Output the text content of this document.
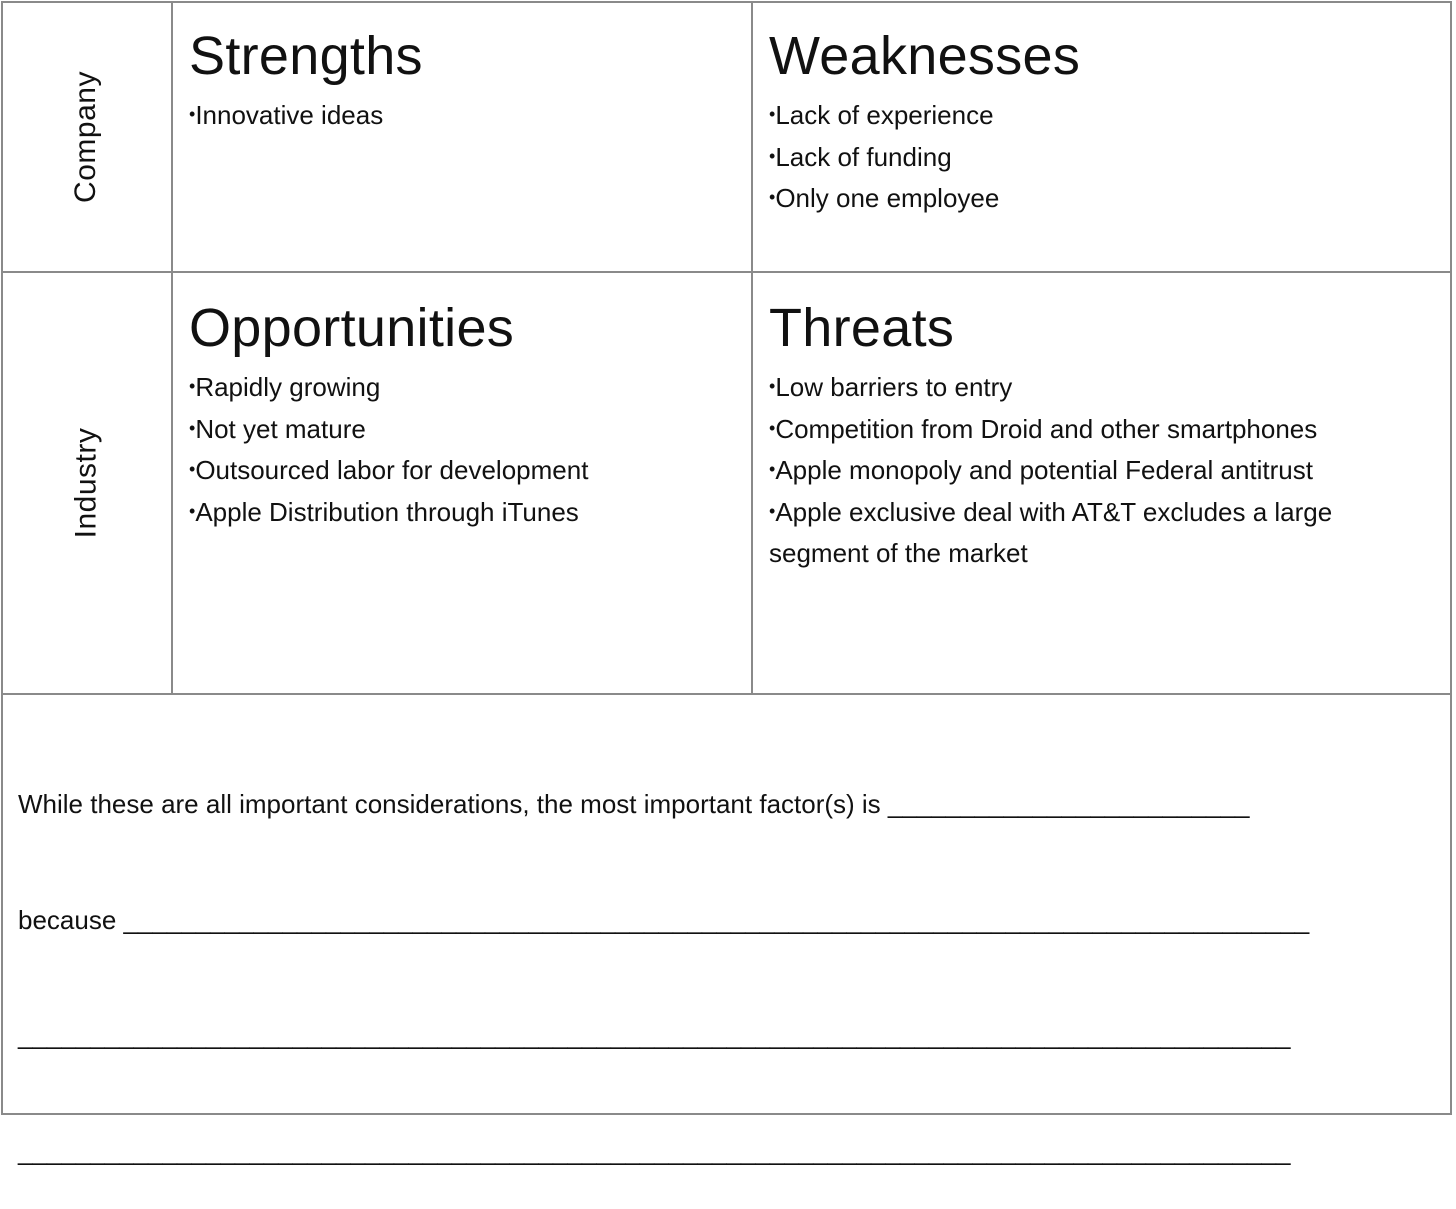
Company
Industry
Strengths
•Innovative ideas
Weaknesses
•Lack of experience
•Lack of funding
•Only one employee
Opportunities
•Rapidly growing
•Not yet mature
•Outsourced labor for development
•Apple Distribution through iTunes
Threats
•Low barriers to entry
•Competition from Droid and other smartphones
•Apple monopoly and potential Federal antitrust
•Apple exclusive deal with AT&T excludes a large segment of the market

While these are all important considerations, the most important factor(s) is _________________________

because __________________________________________________________________________________

________________________________________________________________________________________

________________________________________________________________________________________
